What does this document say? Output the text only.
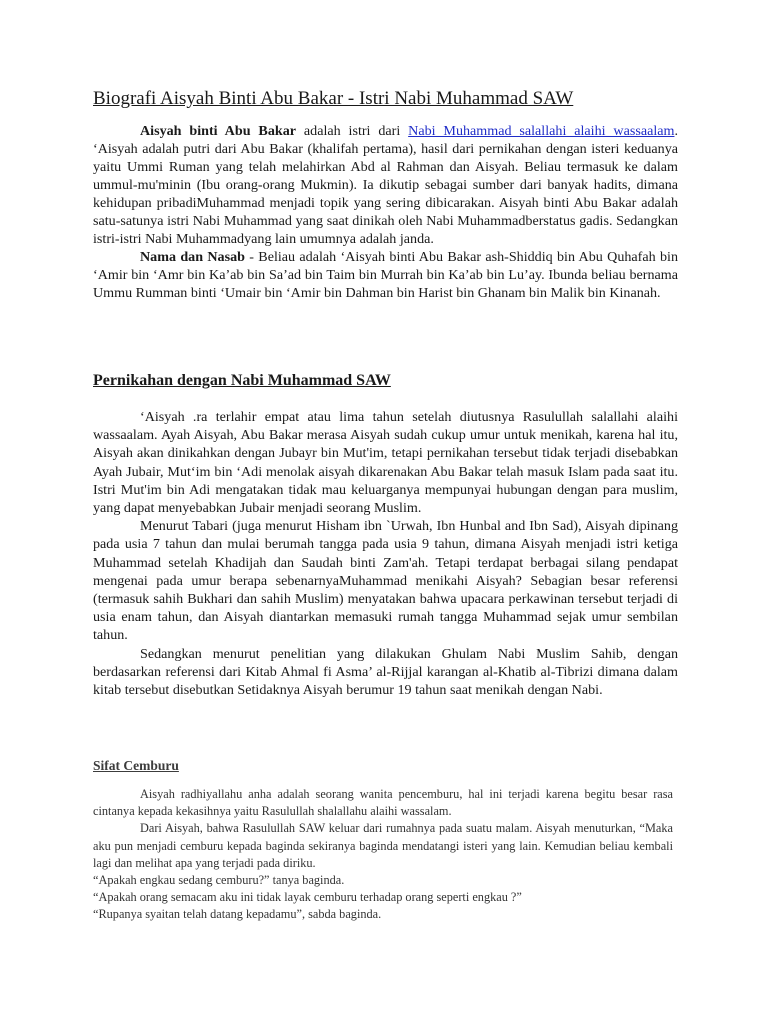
Biografi Aisyah Binti Abu Bakar - Istri Nabi Muhammad SAW

Aisyah binti Abu Bakar adalah istri dari Nabi Muhammad salallahi alaihi wassaalam. ‘Aisyah adalah putri dari Abu Bakar (khalifah pertama), hasil dari pernikahan dengan isteri keduanya yaitu Ummi Ruman yang telah melahirkan Abd al Rahman dan Aisyah. Beliau termasuk ke dalam ummul-mu'minin (Ibu orang-orang Mukmin). Ia dikutip sebagai sumber dari banyak hadits, dimana kehidupan pribadiMuhammad menjadi topik yang sering dibicarakan. Aisyah binti Abu Bakar adalah satu-satunya istri Nabi Muhammad yang saat dinikah oleh Nabi Muhammadberstatus gadis. Sedangkan istri-istri Nabi Muhammadyang lain umumnya adalah janda.

Nama dan Nasab - Beliau adalah ‘Aisyah binti Abu Bakar ash-Shiddiq bin Abu Quhafah bin ‘Amir bin ‘Amr bin Ka’ab bin Sa’ad bin Taim bin Murrah bin Ka’ab bin Lu’ay. Ibunda beliau bernama Ummu Rumman binti ‘Umair bin ‘Amir bin Dahman bin Harist bin Ghanam bin Malik bin Kinanah.

Pernikahan dengan Nabi Muhammad SAW

‘Aisyah .ra terlahir empat atau lima tahun setelah diutusnya Rasulullah salallahi alaihi wassaalam. Ayah Aisyah, Abu Bakar merasa Aisyah sudah cukup umur untuk menikah, karena hal itu, Aisyah akan dinikahkan dengan Jubayr bin Mut'im, tetapi pernikahan tersebut tidak terjadi disebabkan Ayah Jubair, Mut‘im bin ‘Adi menolak aisyah dikarenakan Abu Bakar telah masuk Islam pada saat itu. Istri Mut'im bin Adi mengatakan tidak mau keluarganya mempunyai hubungan dengan para muslim, yang dapat menyebabkan Jubair menjadi seorang Muslim.

Menurut Tabari (juga menurut Hisham ibn `Urwah, Ibn Hunbal and Ibn Sad), Aisyah dipinang pada usia 7 tahun dan mulai berumah tangga pada usia 9 tahun, dimana Aisyah menjadi istri ketiga Muhammad setelah Khadijah dan Saudah binti Zam'ah. Tetapi terdapat berbagai silang pendapat mengenai pada umur berapa sebenarnyaMuhammad menikahi Aisyah? Sebagian besar referensi (termasuk sahih Bukhari dan sahih Muslim) menyatakan bahwa upacara perkawinan tersebut terjadi di usia enam tahun, dan Aisyah diantarkan memasuki rumah tangga Muhammad sejak umur sembilan tahun.

Sedangkan menurut penelitian yang dilakukan Ghulam Nabi Muslim Sahib, dengan berdasarkan referensi dari Kitab Ahmal fi Asma’ al-Rijjal karangan al-Khatib al-Tibrizi dimana dalam kitab tersebut disebutkan Setidaknya Aisyah berumur 19 tahun saat menikah dengan Nabi.

Sifat Cemburu

Aisyah radhiyallahu anha adalah seorang wanita pencemburu, hal ini terjadi karena begitu besar rasa cintanya kepada kekasihnya yaitu Rasulullah shalallahu alaihi wassalam.

Dari Aisyah, bahwa Rasulullah SAW keluar dari rumahnya pada suatu malam. Aisyah menuturkan, “Maka aku pun menjadi cemburu kepada baginda sekiranya baginda mendatangi isteri yang lain. Kemudian beliau kembali lagi dan melihat apa yang terjadi pada diriku.

“Apakah engkau sedang cemburu?” tanya baginda.

“Apakah orang semacam aku ini tidak layak cemburu terhadap orang seperti engkau ?”

“Rupanya syaitan telah datang kepadamu”, sabda baginda.
